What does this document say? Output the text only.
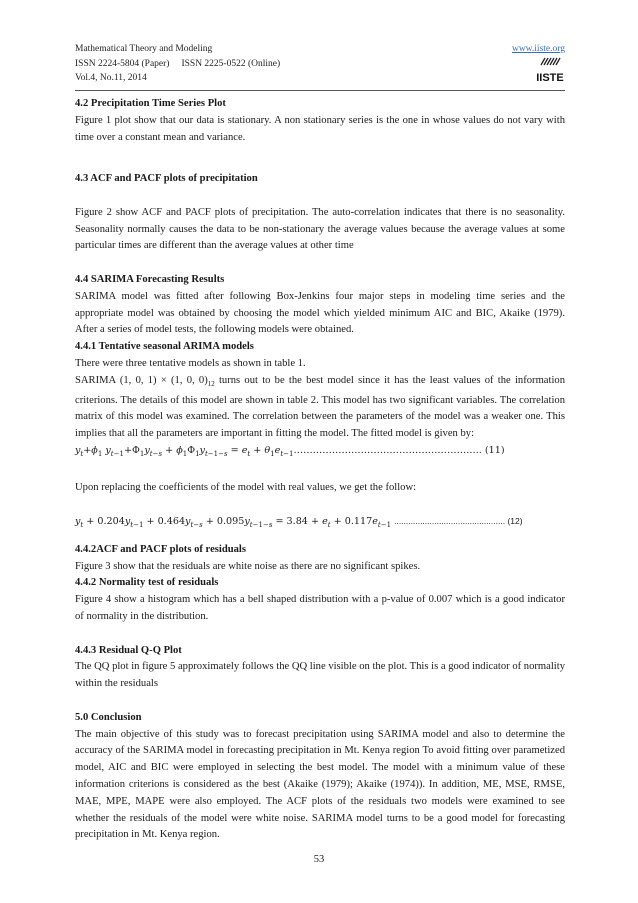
Mathematical Theory and Modeling	www.iiste.org
ISSN 2224-5804 (Paper) ISSN 2225-0522 (Online)
Vol.4, No.11, 2014	IISTE

4.2 Precipitation Time Series Plot

Figure 1 plot show that our data is stationary. A non stationary series is the one in whose values do not vary with time over a constant mean and variance.

4.3 ACF and PACF plots of precipitation

Figure 2 show ACF and PACF plots of precipitation. The auto-correlation indicates that there is no seasonality. Seasonality normally causes the data to be non-stationary the average values because the average values at some particular times are different than the average values at other time

4.4 SARIMA Forecasting Results

SARIMA model was fitted after following Box-Jenkins four major steps in modeling time series and the appropriate model was obtained by choosing the model which yielded minimum AIC and BIC, Akaike (1979). After a series of model tests, the following models were obtained.

4.4.1 Tentative seasonal ARIMA models

There were three tentative models as shown in table 1.

SARIMA (1, 0, 1) × (1, 0, $0)_{12}$ turns out to be the best model since it has the least values of the information criterions. The details of this model are shown in table 2. This model has two significant variables. The correlation matrix of this model was examined. The correlation between the parameters of the model was a weaker one. This implies that all the parameters are important in fitting the model. The fitted model is given by:

$y_t+\phi_1$ $y_{t-1}+\Phi_1y_{t-s} + \phi_1\Phi_1y_{t-1-s} = e_t$ + $\theta_1e_{t-1}\dots\dots\dots\dots\dots\dots\dots\dots\dots\dots\dots\dots\dots\dots\dots\dots\dots\dots\dots$.. (11)

Upon replacing the coefficients of the model with real values, we get the follow:

$y_t + 0.204y_{t-1} + 0.464y_{t-s} + 0.095y_{t-1-s} = 3.84 + e_t + 0.117e_{t-1}$ ............................................... (12)

4.4.2ACF and PACF plots of residuals

Figure 3 show that the residuals are white noise as there are no significant spikes.

4.4.2 Normality test of residuals

Figure 4 show a histogram which has a bell shaped distribution with a p-value of 0.007 which is a good indicator of normality in the distribution.

4.4.3 Residual Q-Q Plot

The QQ plot in figure 5 approximately follows the QQ line visible on the plot. This is a good indicator of normality within the residuals

5.0 Conclusion

The main objective of this study was to forecast precipitation using SARIMA model and also to determine the accuracy of the SARIMA model in forecasting precipitation in Mt. Kenya region To avoid fitting over parametized model, AIC and BIC were employed in selecting the best model. The model with a minimum value of these information criterions is considered as the best (Akaike (1979); Akaike (1974)). In addition, ME, MSE, RMSE, MAE, MPE, MAPE were also employed. The ACF plots of the residuals two models were examined to see whether the residuals of the model were white noise. SARIMA model turns to be a good model for forecasting precipitation in Mt. Kenya region.

53
